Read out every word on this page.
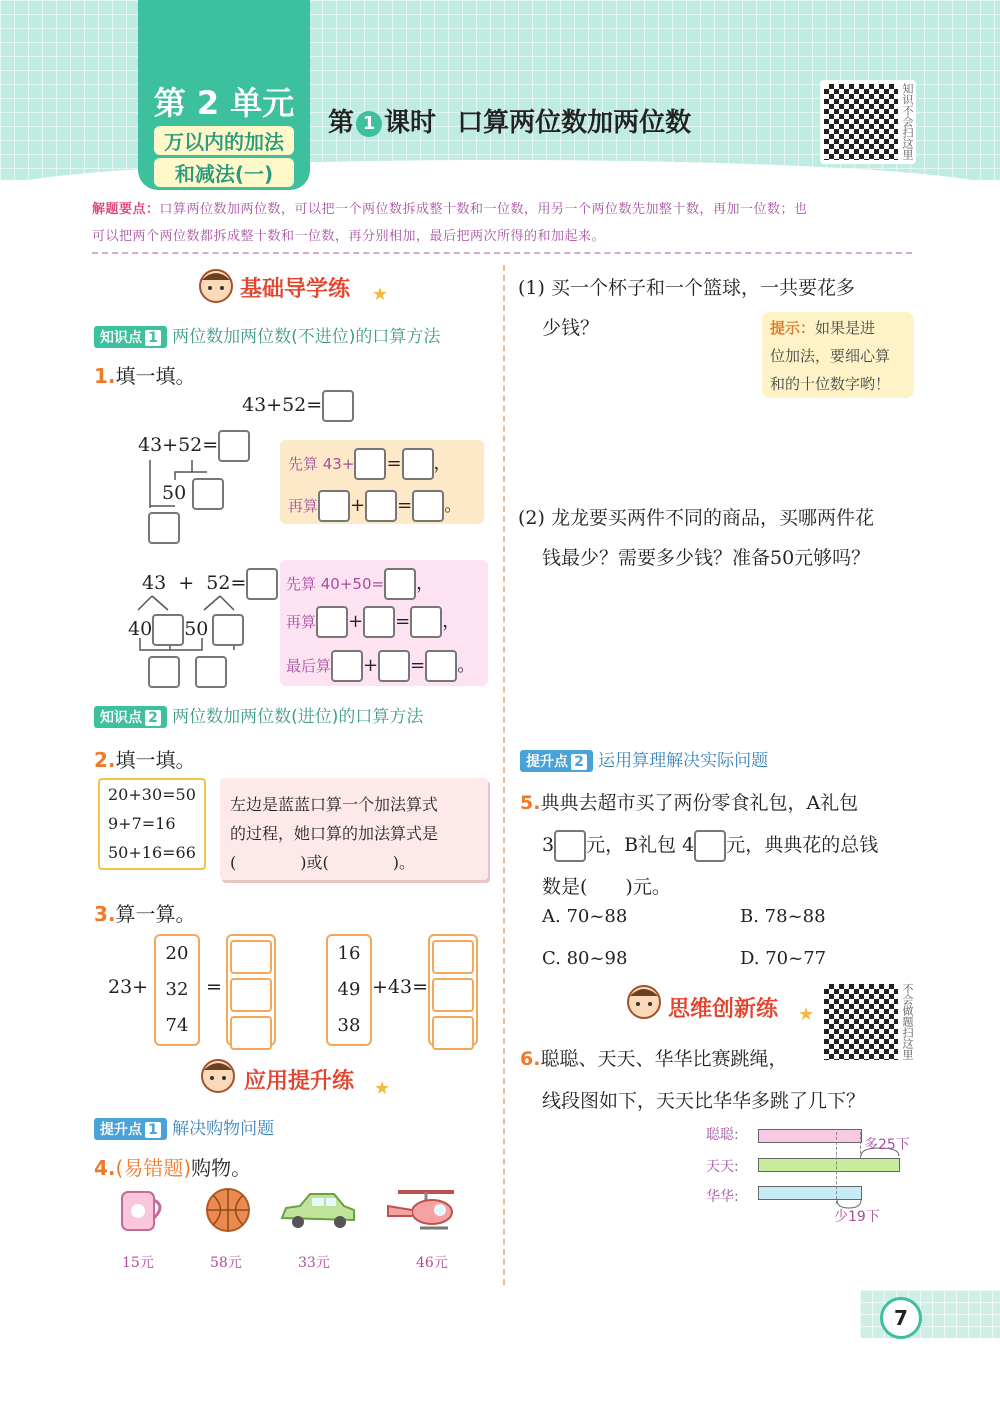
第 2 单元
万以内的加法
和减法(一)
第 1 课时 口算两位数加两位数	知识不会扫这里
解题要点：口算两位数加两位数，可以把一个两位数拆成整十数和一位数，用另一个两位数先加整十数，再加一位数；也
可以把两个两位数都拆成整十数和一位数，再分别相加，最后把两次所得的和加起来。
基础导学练 ★
知识点 1 两位数加两位数(不进位)的口算方法
1.填一填。
43+52=
43+52=
50
先算 43+ = ，
再算 + = 。
43 + 52=
40 50

先算 40+50= ，
再算 + = ，
最后算 + = 。
知识点 2 两位数加两位数(进位)的口算方法
2.填一填。
20+30=50
9+7=16
50+16=66
左边是蓝蓝口算一个加法算式
的过程，她口算的加法算式是
(　　　　)或(　　　　)。
3.算一算。
23+
20
32
74
=
16
49
38
+43=
应用提升练 ★
提升点 1 解决购物问题
4.(易错题)购物。
15元	58元	33元	46元
(1) 买一个杯子和一个篮球，一共要花多
少钱？	提示：如果是进
位加法，要细心算
和的十位数字哟！
(2) 龙龙要买两件不同的商品，买哪两件花
钱最少？需要多少钱？准备50元够吗？
提升点 2 运用算理解决实际问题
5.典典去超市买了两份零食礼包，A礼包
3 元，B礼包 4 元，典典花的总钱
数是(　　)元。
A. 70~88	B. 78~88
C. 80~98	D. 70~77
思维创新练 ★	不会做题扫这里
6.聪聪、天天、华华比赛跳绳，
线段图如下，天天比华华多跳了几下？
聪聪:
天天:
华华:
多25下
少19下
7
